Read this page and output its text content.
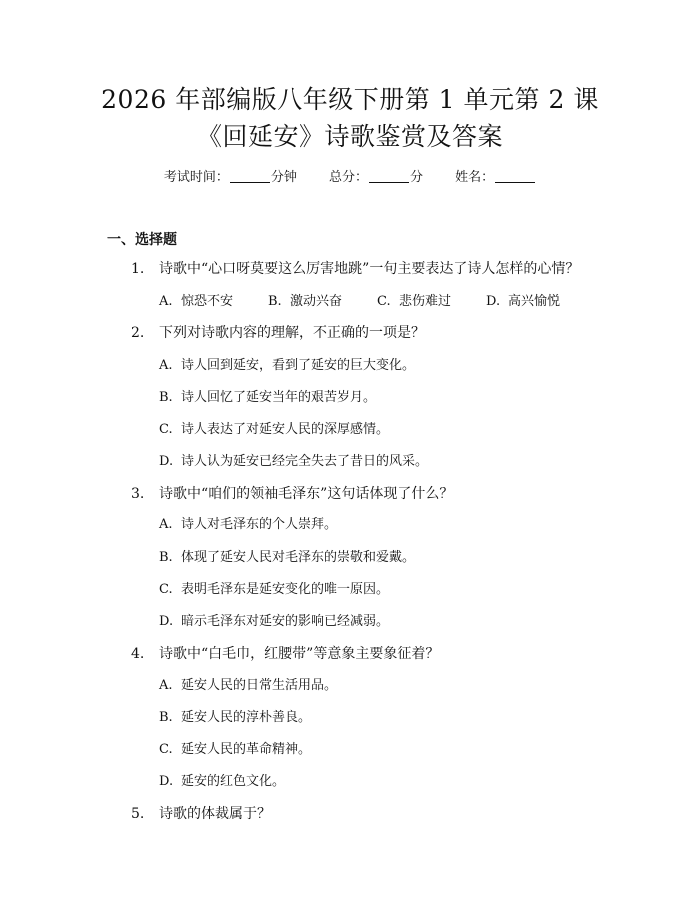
2026 年部编版八年级下册第 1 单元第 2 课
《回延安》诗歌鉴赏及答案
考试时间：	分钟 总分：	分 姓名：
一、选择题
1. 诗歌中“心口呀莫要这么厉害地跳”一句主要表达了诗人怎样的心情？
A. 惊恐不安	B. 激动兴奋	C. 悲伤难过	D. 高兴愉悦
2. 下列对诗歌内容的理解，不正确的一项是？
A. 诗人回到延安，看到了延安的巨大变化。
B. 诗人回忆了延安当年的艰苦岁月。
C. 诗人表达了对延安人民的深厚感情。
D. 诗人认为延安已经完全失去了昔日的风采。
3. 诗歌中“咱们的领袖毛泽东”这句话体现了什么？
A. 诗人对毛泽东的个人崇拜。
B. 体现了延安人民对毛泽东的崇敬和爱戴。
C. 表明毛泽东是延安变化的唯一原因。
D. 暗示毛泽东对延安的影响已经减弱。
4. 诗歌中“白毛巾，红腰带”等意象主要象征着？
A. 延安人民的日常生活用品。
B. 延安人民的淳朴善良。
C. 延安人民的革命精神。
D. 延安的红色文化。
5. 诗歌的体裁属于？
